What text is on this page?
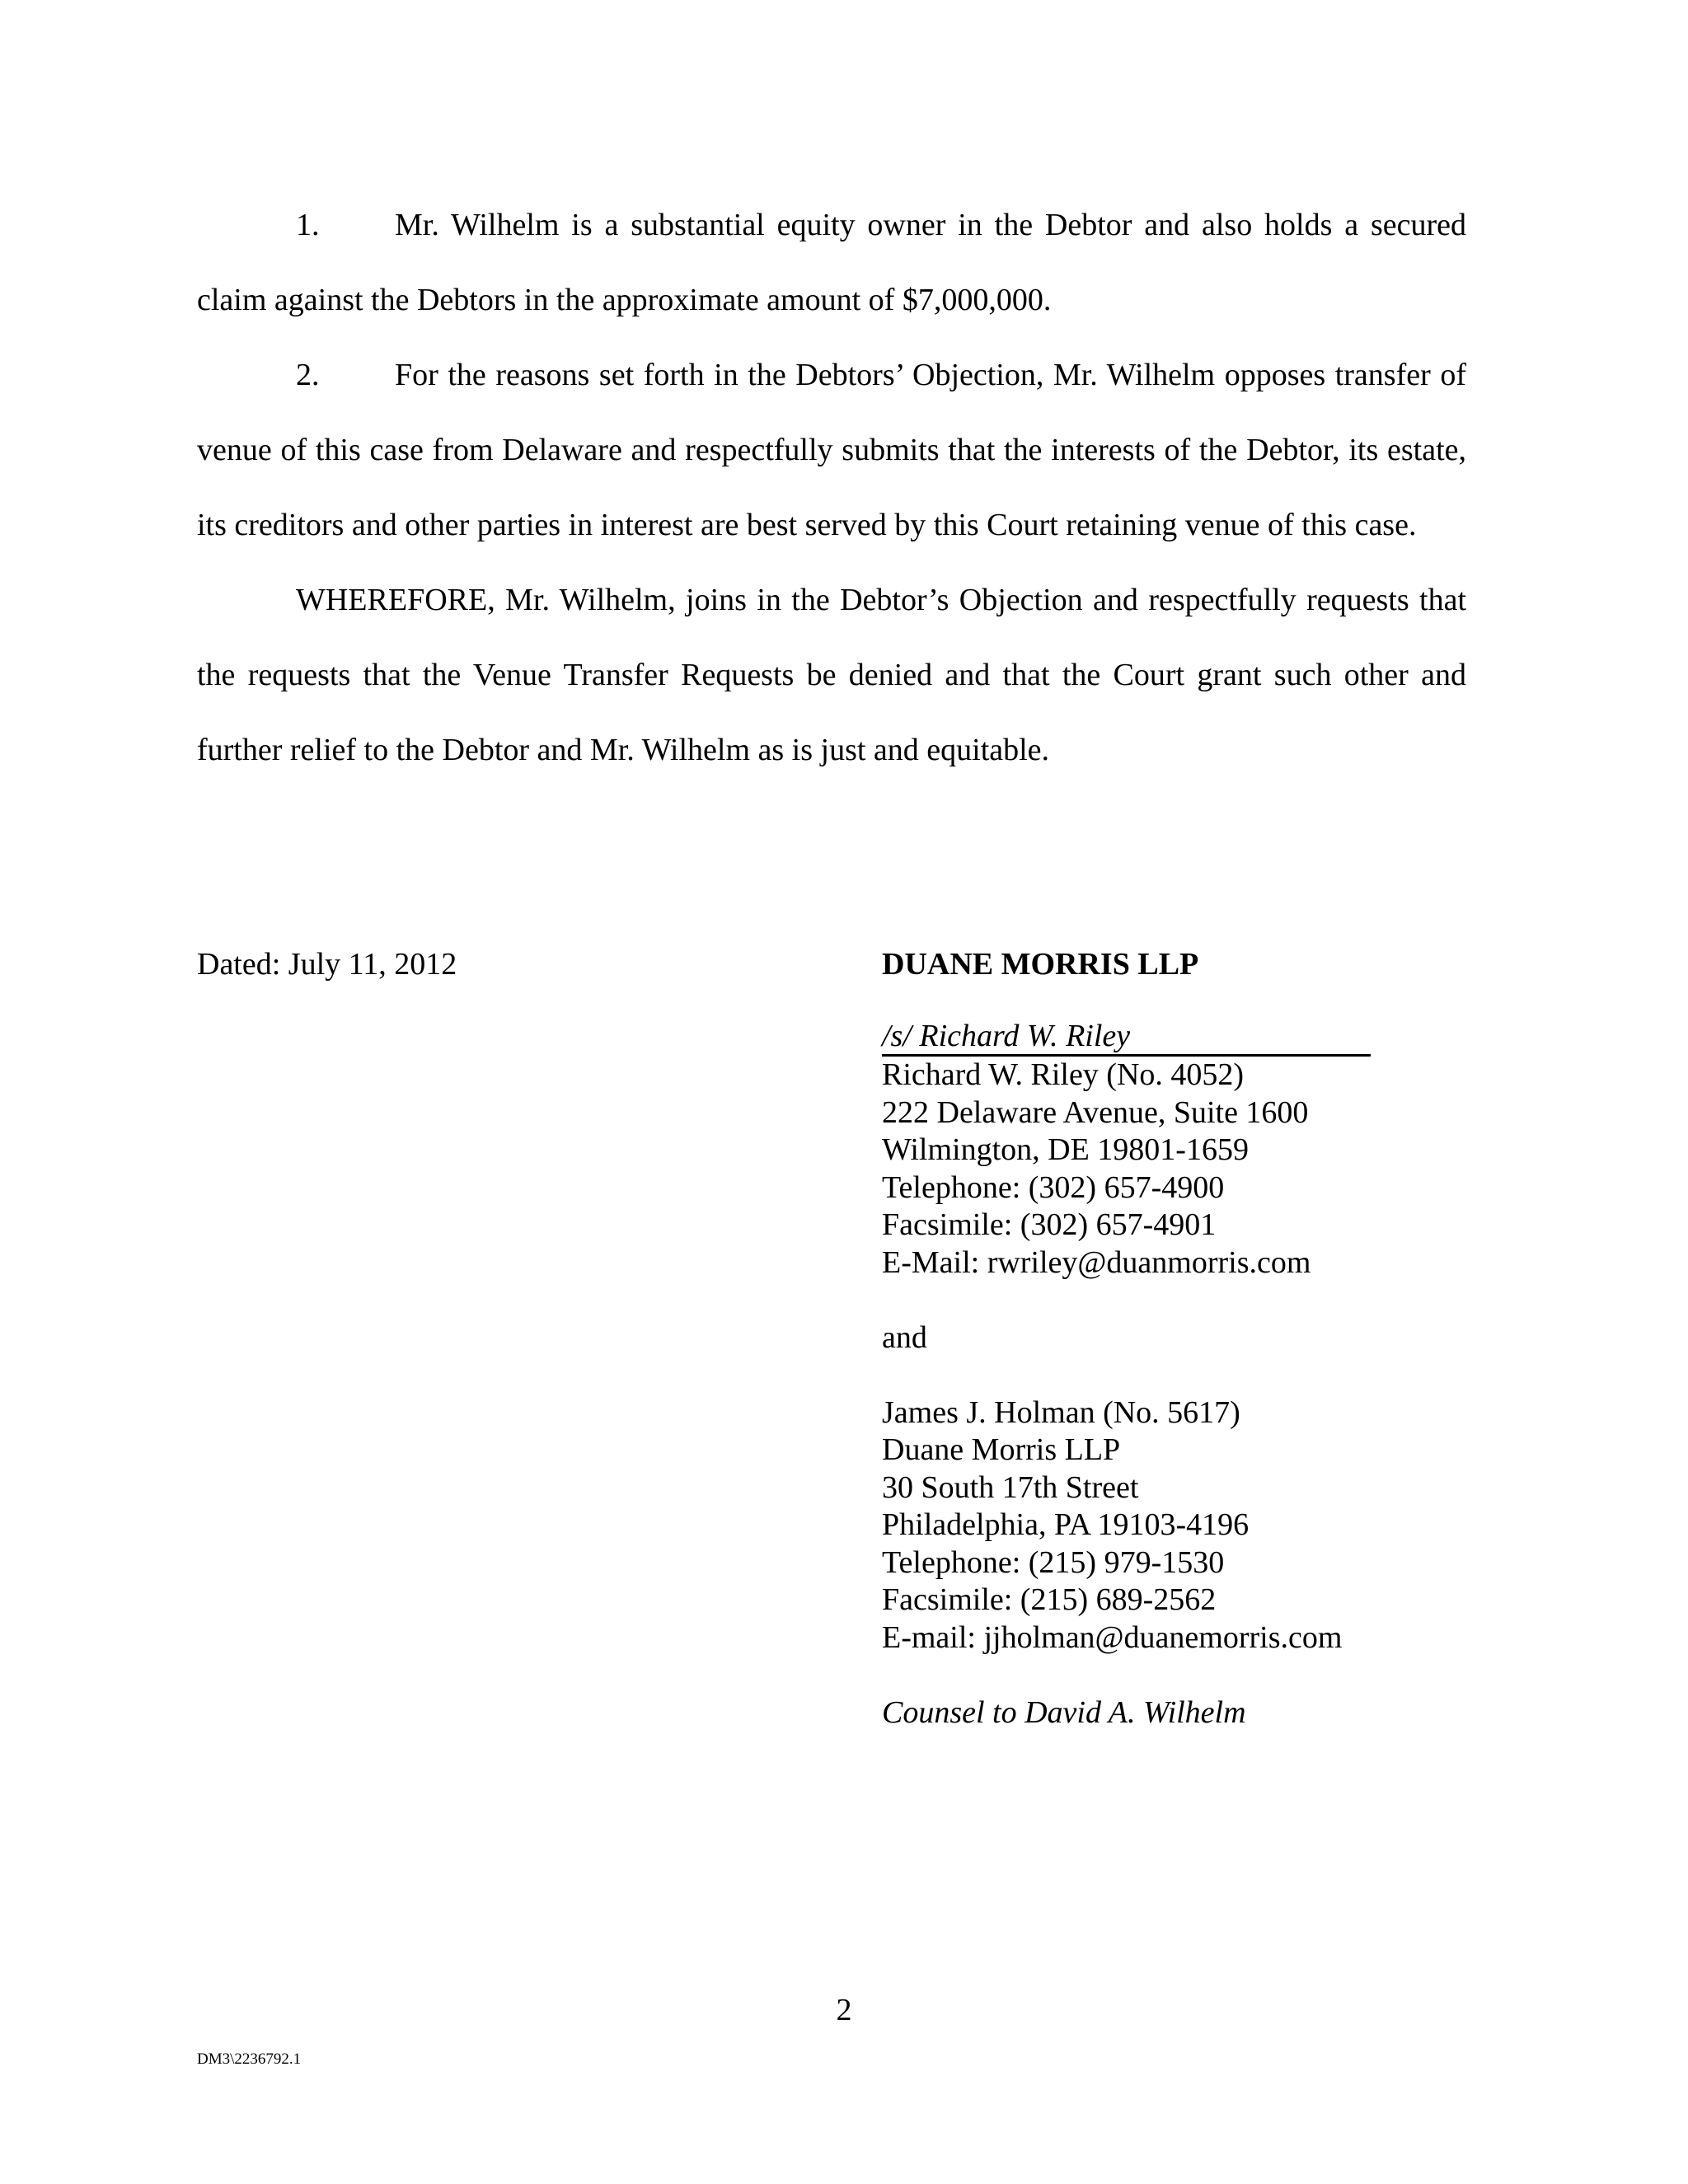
1. Mr. Wilhelm is a substantial equity owner in the Debtor and also holds a secured claim against the Debtors in the approximate amount of $7,000,000.

2. For the reasons set forth in the Debtors’ Objection, Mr. Wilhelm opposes transfer of venue of this case from Delaware and respectfully submits that the interests of the Debtor, its estate, its creditors and other parties in interest are best served by this Court retaining venue of this case.

WHEREFORE, Mr. Wilhelm, joins in the Debtor’s Objection and respectfully requests that the requests that the Venue Transfer Requests be denied and that the Court grant such other and further relief to the Debtor and Mr. Wilhelm as is just and equitable.

Dated: July 11, 2012	DUANE MORRIS LLP
/s/ Richard W. Riley
Richard W. Riley (No. 4052)
222 Delaware Avenue, Suite 1600
Wilmington, DE 19801-1659
Telephone: (302) 657-4900
Facsimile: (302) 657-4901
E-Mail: rwriley@duanmorris.com
and
James J. Holman (No. 5617)
Duane Morris LLP
30 South 17th Street
Philadelphia, PA 19103-4196
Telephone: (215) 979-1530
Facsimile: (215) 689-2562
E-mail: jjholman@duanemorris.com
Counsel to David A. Wilhelm
2
DM3\2236792.1
